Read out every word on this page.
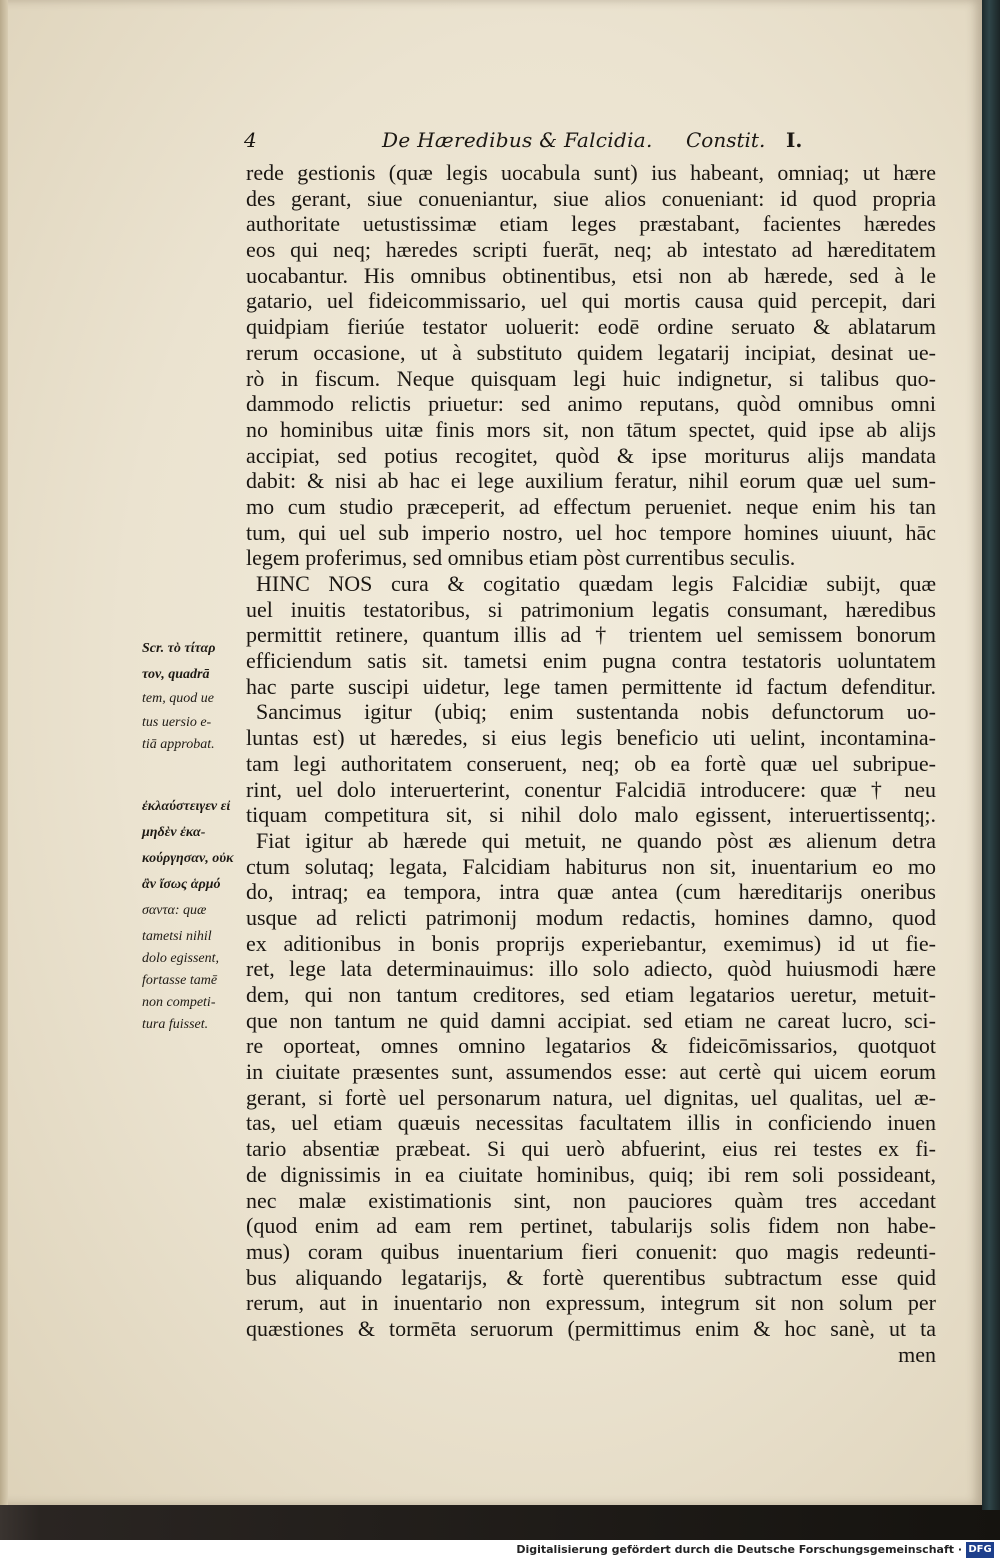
4	De Hæredibus & Falcidia. Constit. I.
rede gestionis (quæ legis uocabula sunt) ius habeant, omniaq; ut hære
des gerant, siue conueniantur, siue alios conueniant: id quod propria
authoritate uetustissimæ etiam leges præstabant, facientes hæredes
eos qui neq; hæredes scripti fuerāt, neq; ab intestato ad hæreditatem
uocabantur. His omnibus obtinentibus, etsi non ab hærede, sed à le
gatario, uel fideicommissario, uel qui mortis causa quid percepit, dari
quidpiam fieriúe testator uoluerit: eodē ordine seruato & ablatarum
rerum occasione, ut à substituto quidem legatarij incipiat, desinat ue-
rò in fiscum. Neque quisquam legi huic indignetur, si talibus quo-
dammodo relictis priuetur: sed animo reputans, quòd omnibus omni
no hominibus uitæ finis mors sit, non tātum spectet, quid ipse ab alijs
accipiat, sed potius recogitet, quòd & ipse moriturus alijs mandata
dabit: & nisi ab hac ei lege auxilium feratur, nihil eorum quæ uel sum-
mo cum studio præceperit, ad effectum perueniet. neque enim his tan
tum, qui uel sub imperio nostro, uel hoc tempore homines uiuunt, hāc
legem proferimus, sed omnibus etiam pòst currentibus seculis.
HINC NOS cura & cogitatio quædam legis Falcidiæ subijt, quæ
uel inuitis testatoribus, si patrimonium legatis consumant, hæredibus
permittit retinere, quantum illis ad † trientem uel semissem bonorum
efficiendum satis sit. tametsi enim pugna contra testatoris uoluntatem
hac parte suscipi uidetur, lege tamen permittente id factum defenditur.
Sancimus igitur (ubiq; enim sustentanda nobis defunctorum uo-
luntas est) ut hæredes, si eius legis beneficio uti uelint, incontamina-
tam legi authoritatem conseruent, neq; ob ea fortè quæ uel subripue-
rint, uel dolo interuerterint, conentur Falcidiā introducere: quæ † neu
tiquam competitura sit, si nihil dolo malo egissent, interuertissentq;.
Fiat igitur ab hærede qui metuit, ne quando pòst æs alienum detra
ctum solutaq; legata, Falcidiam habiturus non sit, inuentarium eo mo
do, intraq; ea tempora, intra quæ antea (cum hæreditarijs oneribus
usque ad relicti patrimonij modum redactis, homines damno, quod
ex aditionibus in bonis proprijs experiebantur, exemimus) id ut fie-
ret, lege lata determinauimus: illo solo adiecto, quòd huiusmodi hære
dem, qui non tantum creditores, sed etiam legatarios ueretur, metuit-
que non tantum ne quid damni accipiat. sed etiam ne careat lucro, sci-
re oporteat, omnes omnino legatarios & fideicōmissarios, quotquot
in ciuitate præsentes sunt, assumendos esse: aut certè qui uicem eorum
gerant, si fortè uel personarum natura, uel dignitas, uel qualitas, uel æ-
tas, uel etiam quæuis necessitas facultatem illis in conficiendo inuen
tario absentiæ præbeat. Si qui uerò abfuerint, eius rei testes ex fi-
de dignissimis in ea ciuitate hominibus, quiq; ibi rem soli possideant,
nec malæ existimationis sint, non pauciores quàm tres accedant
(quod enim ad eam rem pertinet, tabularijs solis fidem non habe-
mus) coram quibus inuentarium fieri conuenit: quo magis redeunti-
bus aliquando legatarijs, & fortè querentibus subtractum esse quid
rerum, aut in inuentario non expressum, integrum sit non solum per
quæstiones & tormēta seruorum (permittimus enim & hoc sanè, ut ta
men
Scr. τὸ τίταρ
τον, quadrā
tem, quod ue
tus uersio e-
tiā approbat.
ἐκλαύστειγεν εἰ
μηδὲν ἐκα-
κούργησαν, οὐκ
ἂν ἴσως ἁρμό
σαντα: quæ
tametsi nihil
dolo egissent,
fortasse tamē
non competi-
tura fuisset.
Digitalisierung gefördert durch die Deutsche Forschungsgemeinschaft · DFG
